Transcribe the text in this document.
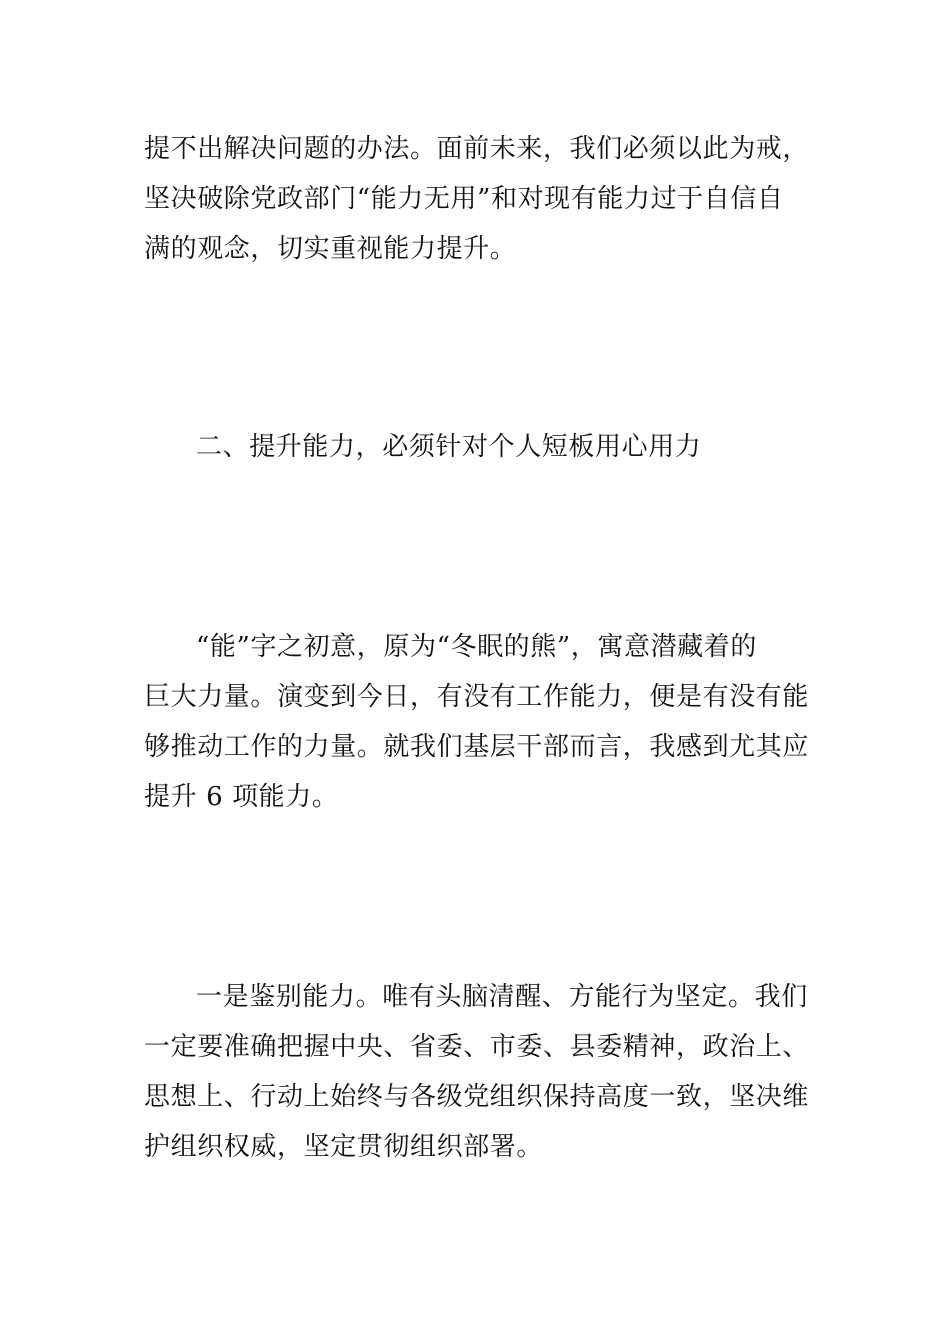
提不出解决问题的办法。面前未来，我们必须以此为戒，
坚决破除党政部门“能力无用”和对现有能力过于自信自
满的观念，切实重视能力提升。
二、提升能力，必须针对个人短板用心用力
“能”字之初意，原为“冬眠的熊”，寓意潜藏着的
巨大力量。演变到今日，有没有工作能力，便是有没有能
够推动工作的力量。就我们基层干部而言，我感到尤其应
提升 6 项能力。
一是鉴别能力。唯有头脑清醒、方能行为坚定。我们
一定要准确把握中央、省委、市委、县委精神，政治上、
思想上、行动上始终与各级党组织保持高度一致，坚决维
护组织权威，坚定贯彻组织部署。
